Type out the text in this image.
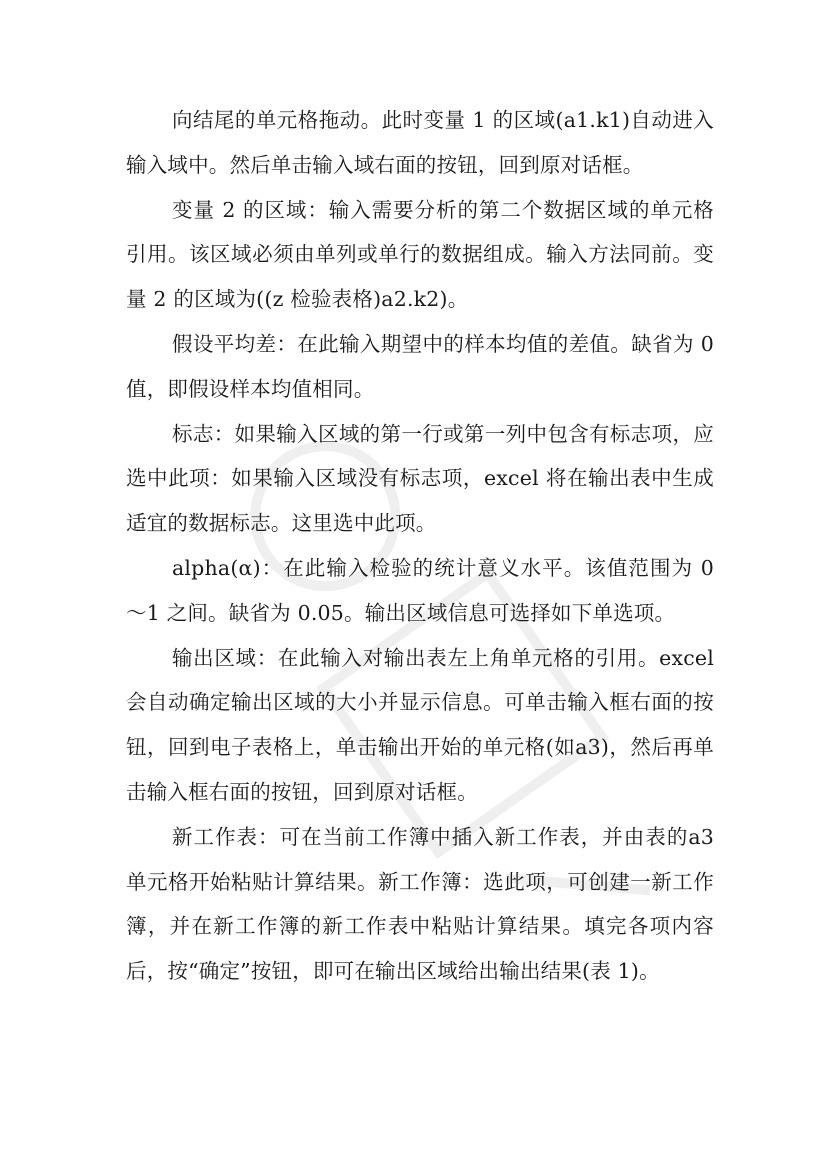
向结尾的单元格拖动。此时变量 1 的区域(a1.k1)自动进入输入域中。然后单击输入域右面的按钮，回到原对话框。

变量 2 的区域：输入需要分析的第二个数据区域的单元格引用。该区域必须由单列或单行的数据组成。输入方法同前。变量 2 的区域为((z 检验表格)a2.k2)。

假设平均差：在此输入期望中的样本均值的差值。缺省为 0 值，即假设样本均值相同。

标志：如果输入区域的第一行或第一列中包含有标志项，应选中此项：如果输入区域没有标志项，excel 将在输出表中生成适宜的数据标志。这里选中此项。

alpha(α)：在此输入检验的统计意义水平。该值范围为 0～1 之间。缺省为 0.05。输出区域信息可选择如下单选项。

输出区域：在此输入对输出表左上角单元格的引用。excel 会自动确定输出区域的大小并显示信息。可单击输入框右面的按钮，回到电子表格上，单击输出开始的单元格(如a3)，然后再单击输入框右面的按钮，回到原对话框。

新工作表：可在当前工作簿中插入新工作表，并由表的a3 单元格开始粘贴计算结果。新工作簿：选此项，可创建一新工作簿，并在新工作簿的新工作表中粘贴计算结果。填完各项内容后，按“确定”按钮，即可在输出区域给出输出结果(表 1)。
